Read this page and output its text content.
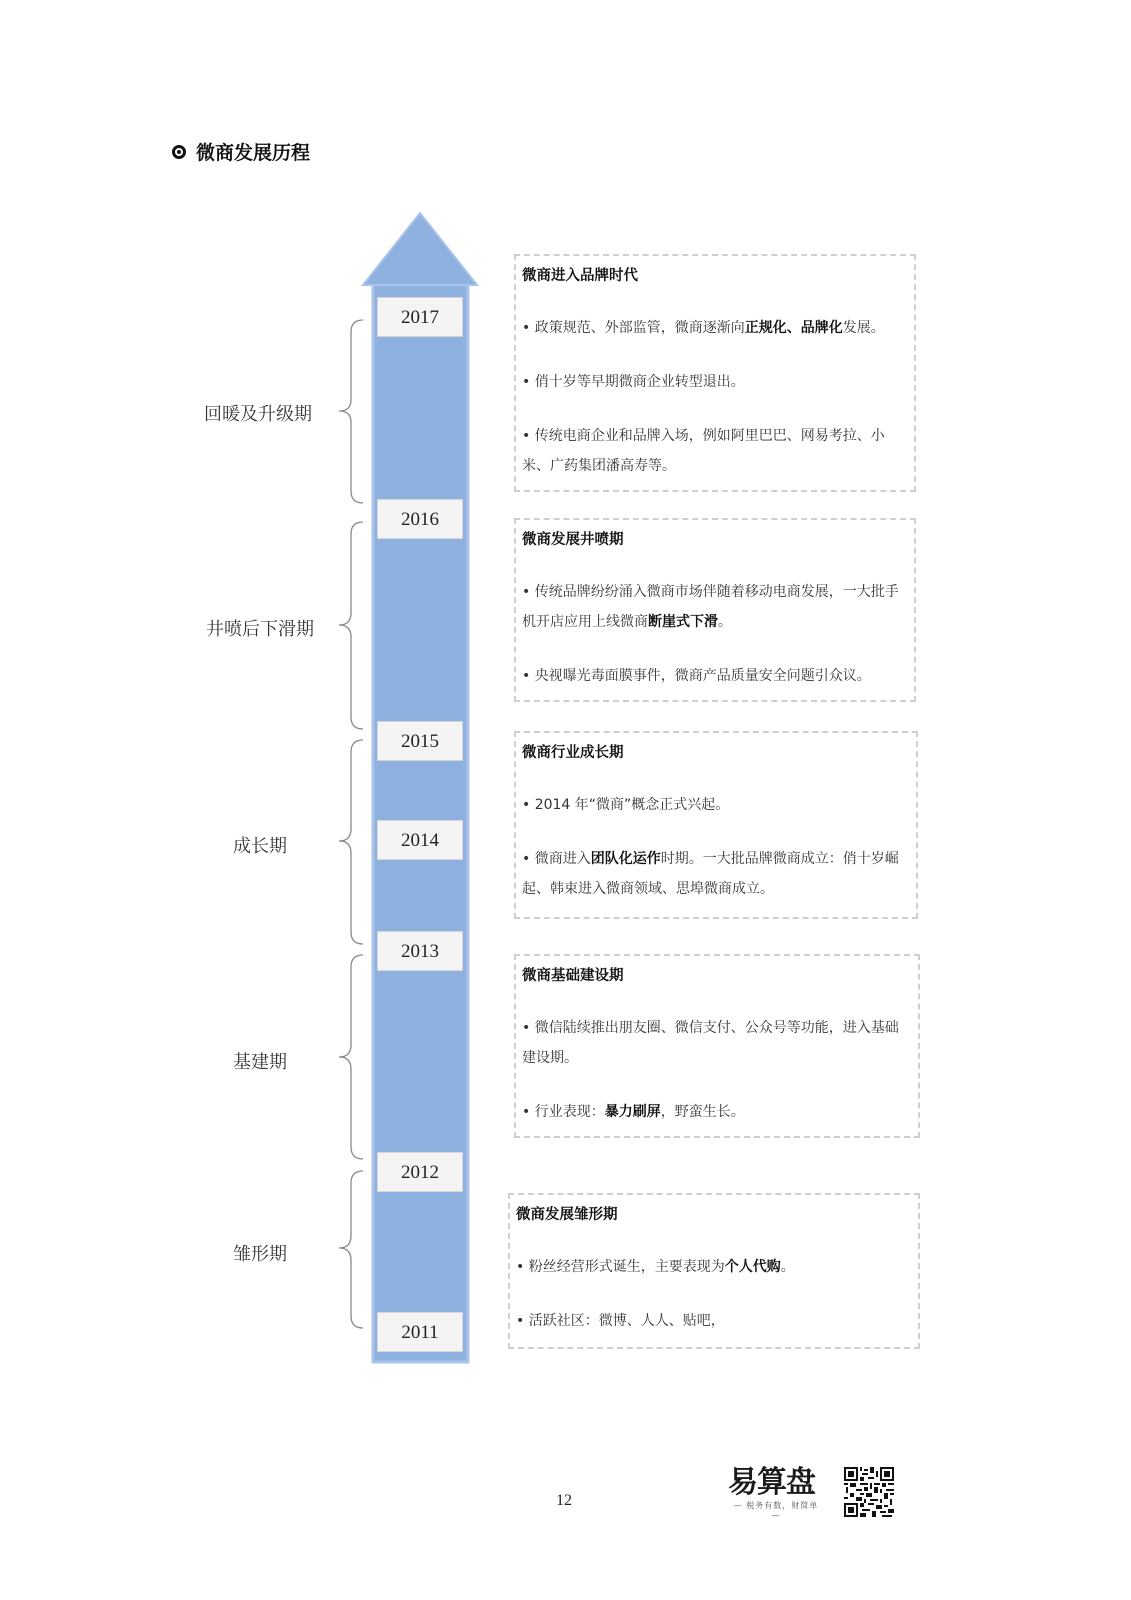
微商发展历程
2017
2016
2015
2014
2013
2012
2011
回暖及升级期
井喷后下滑期
成长期
基建期
雏形期
微商进入品牌时代
• 政策规范、外部监管，微商逐渐向正规化、品牌化发展。
• 俏十岁等早期微商企业转型退出。
• 传统电商企业和品牌入场，例如阿里巴巴、网易考拉、小米、广药集团潘高寿等。
微商发展井喷期
• 传统品牌纷纷涌入微商市场伴随着移动电商发展，一大批手机开店应用上线微商断崖式下滑。
• 央视曝光毒面膜事件，微商产品质量安全问题引众议。
微商行业成长期
• 2014 年“微商”概念正式兴起。
• 微商进入团队化运作时期。一大批品牌微商成立：俏十岁崛起、韩束进入微商领域、思埠微商成立。
微商基础建设期
• 微信陆续推出朋友圈、微信支付、公众号等功能，进入基础建设期。
• 行业表现：暴力刷屏，野蛮生长。
微商发展雏形期
• 粉丝经营形式诞生，主要表现为个人代购。
• 活跃社区：微博、人人、贴吧，
12
易算盘
— 税务有数，财简单 —
